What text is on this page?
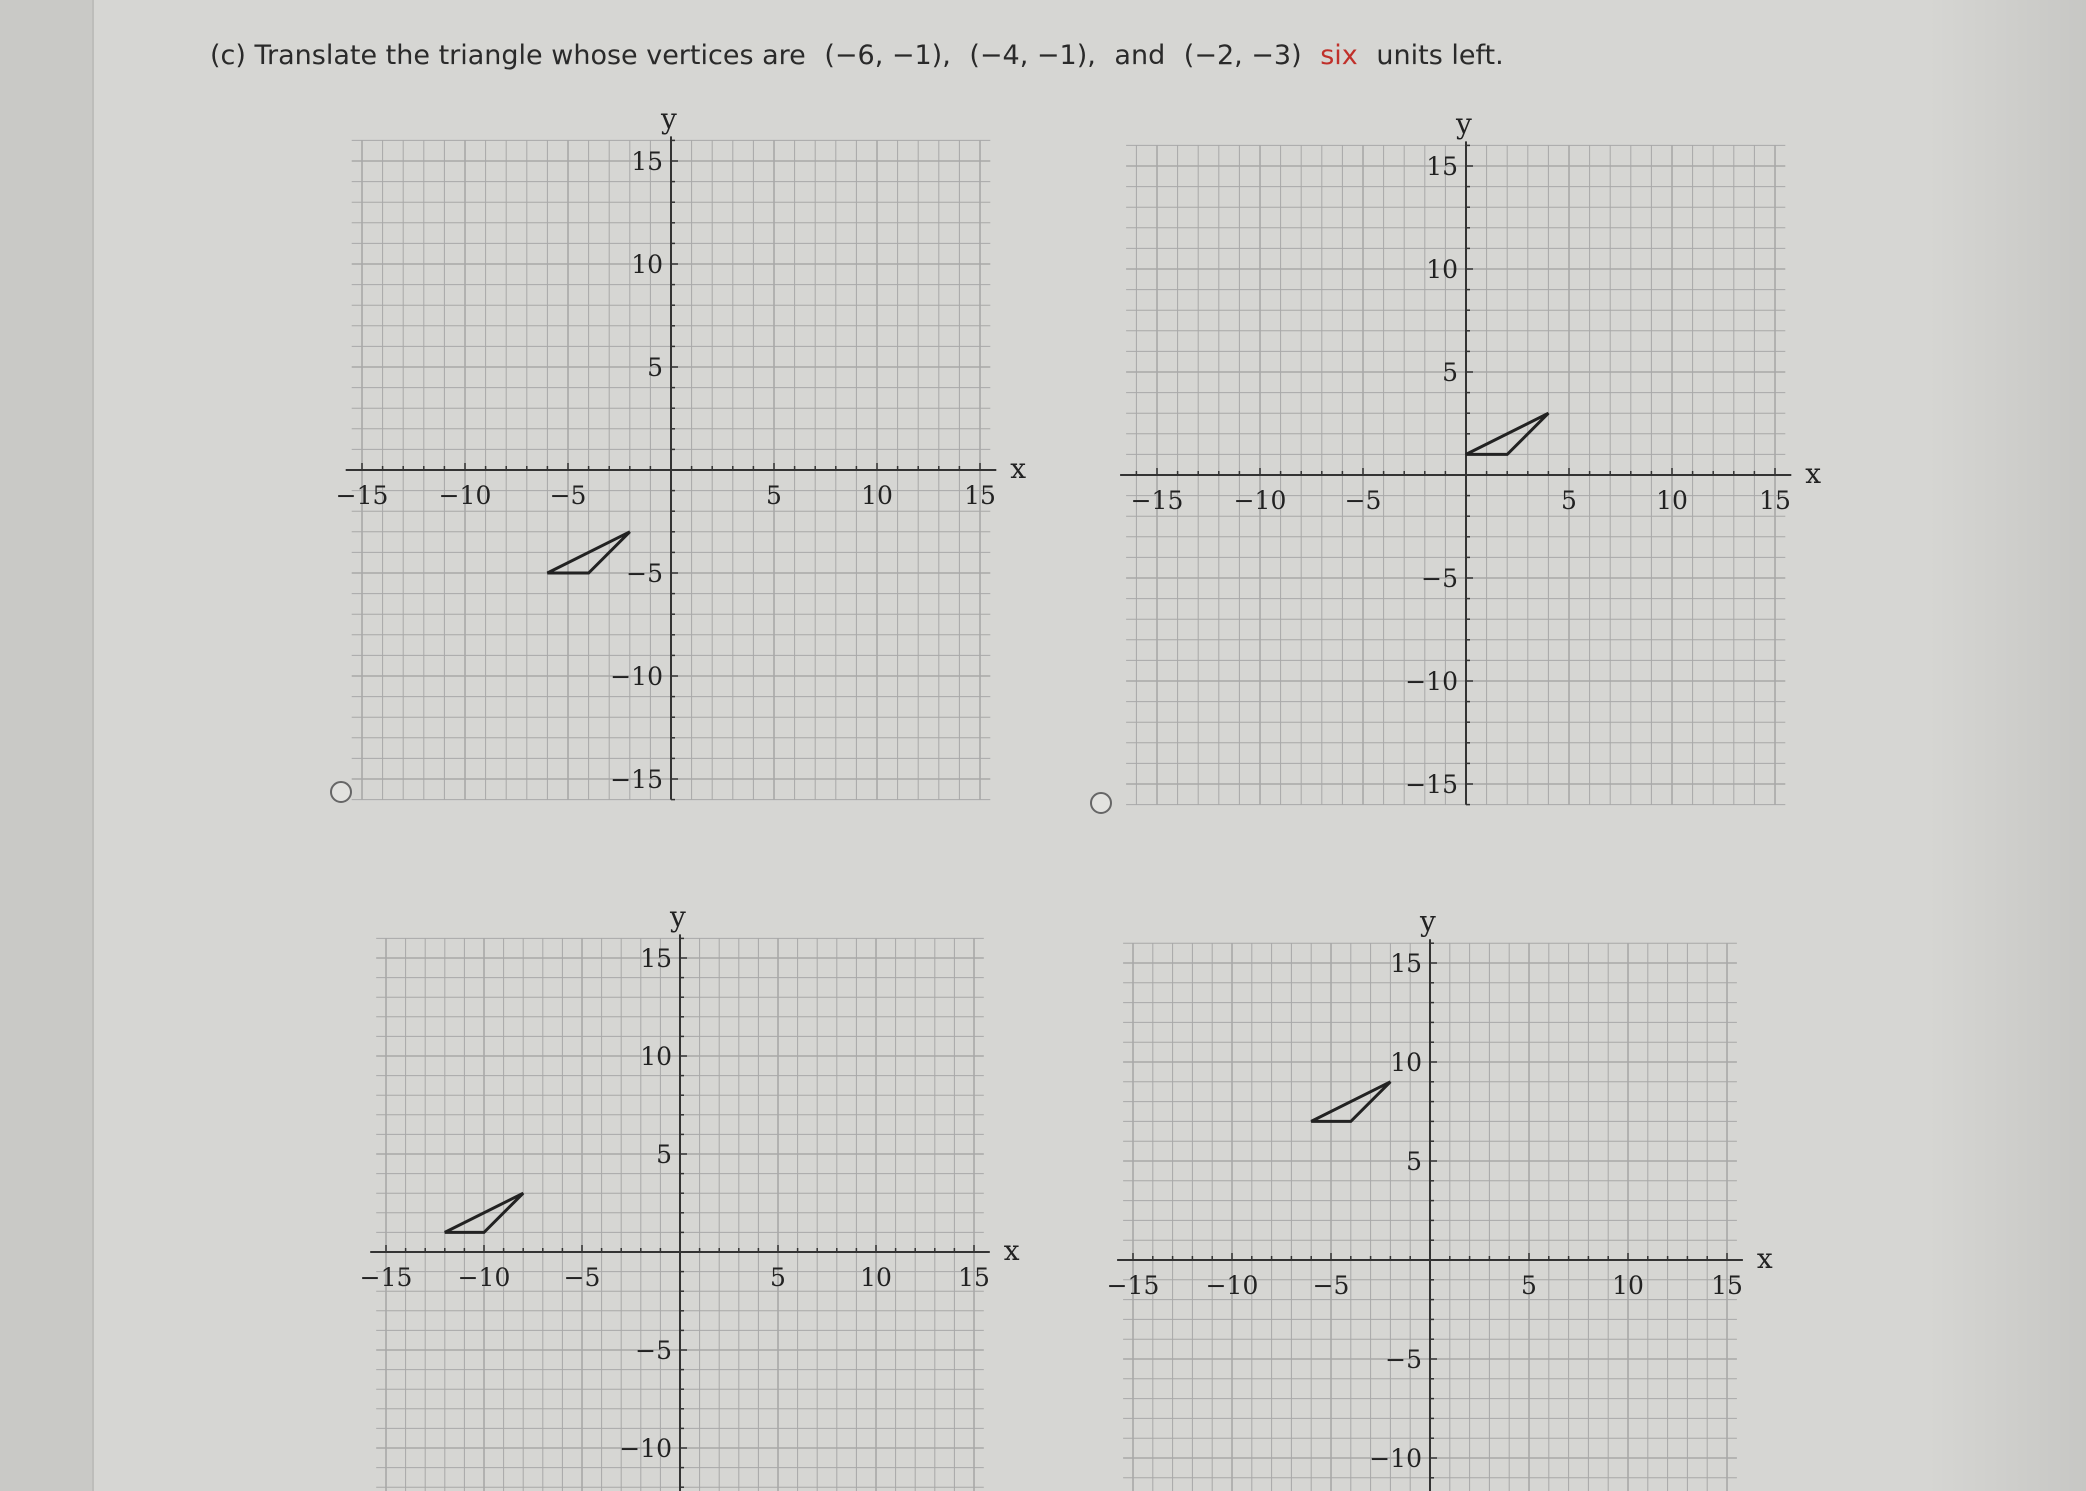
(c) Translate the triangle whose vertices are (−6, −1), (−4, −1), and (−2, −3) six units left.
x
y
−15 −10 −5	5	10	15
15
10
5
−5
−10
−15
x
y
−15 −10 −5	5	10	15
15
10
5
−5
−10
−15
x
y
−15 −10 −5	5	10	15
15
10
5
−5
−10
x
y
−15 −10 −5	5	10	15
15
10
5
−5
−10
